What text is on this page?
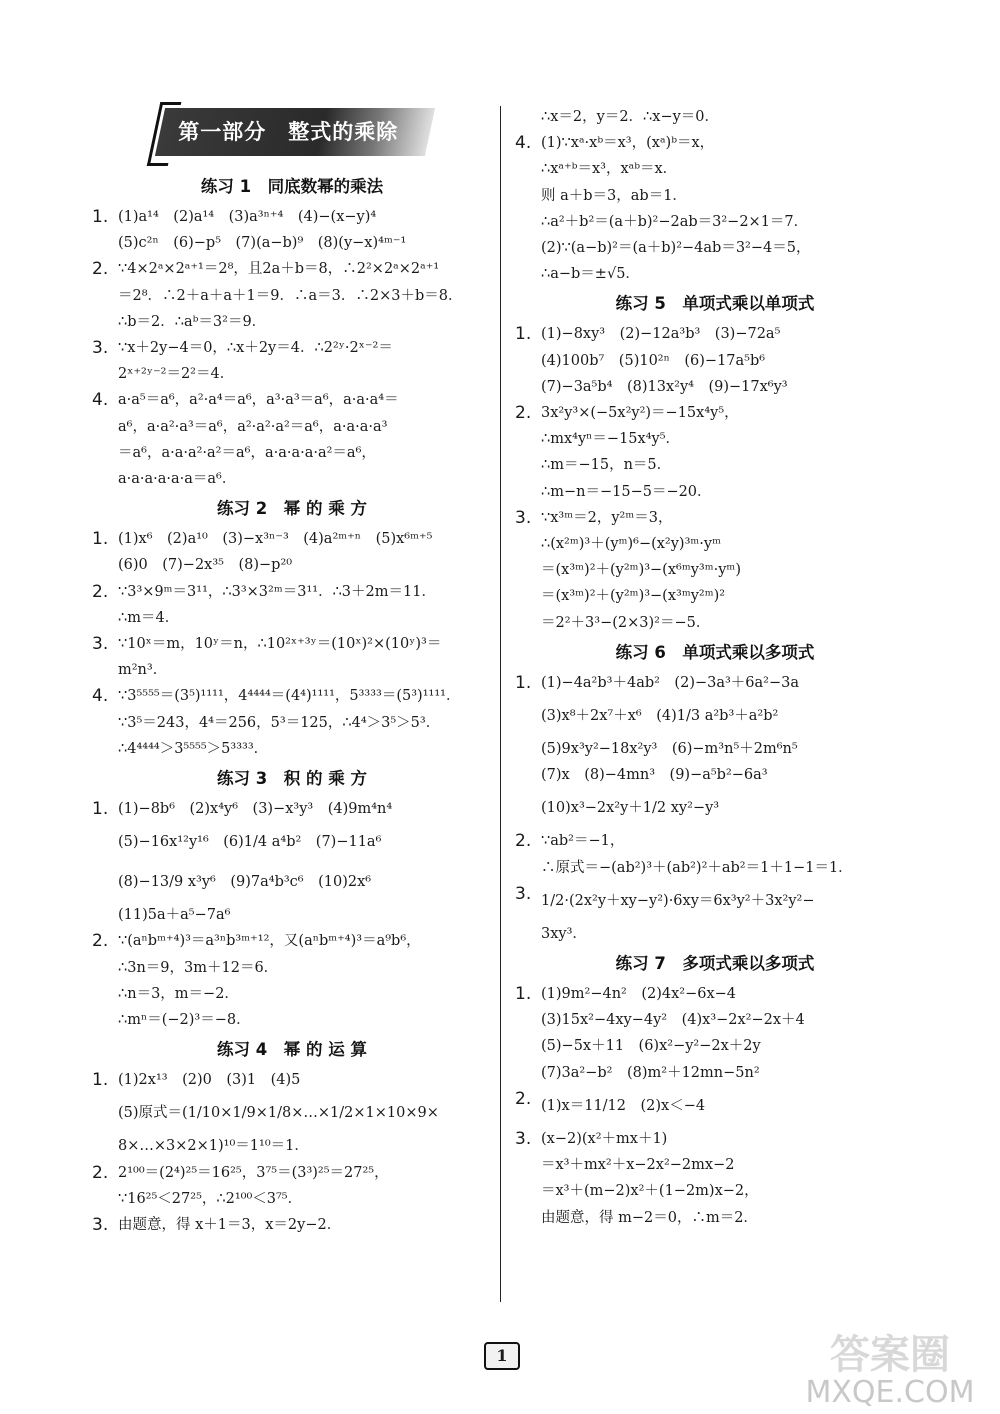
第一部分　整式的乘除
练习 1　同底数幂的乘法
1. (1)a¹⁴　(2)a¹⁴　(3)a³ⁿ⁺⁴　(4)−(x−y)⁴
(5)c²ⁿ　(6)−p⁵　(7)(a−b)⁹　(8)(y−x)⁴ᵐ⁻¹
2. ∵4×2ᵃ×2ᵃ⁺¹＝2⁸，且2a＋b＝8，∴2²×2ᵃ×2ᵃ⁺¹
＝2⁸．∴2＋a＋a＋1＝9．∴a＝3．∴2×3＋b＝8．
∴b＝2．∴aᵇ＝3²＝9．
3. ∵x＋2y−4＝0，∴x＋2y＝4．∴2²ʸ·2ˣ⁻²＝
2ˣ⁺²ʸ⁻²＝2²＝4．
4. a·a⁵＝a⁶，a²·a⁴＝a⁶，a³·a³＝a⁶，a·a·a⁴＝
a⁶，a·a²·a³＝a⁶，a²·a²·a²＝a⁶，a·a·a·a³
＝a⁶，a·a·a²·a²＝a⁶，a·a·a·a·a²＝a⁶，
a·a·a·a·a·a＝a⁶．
练习 2　幂 的 乘 方
1. (1)x⁶　(2)a¹⁰　(3)−x³ⁿ⁻³　(4)a²ᵐ⁺ⁿ　(5)x⁶ᵐ⁺⁵
(6)0　(7)−2x³⁵　(8)−p²⁰
2. ∵3³×9ᵐ＝3¹¹，∴3³×3²ᵐ＝3¹¹．∴3＋2m＝11．
∴m＝4．
3. ∵10ˣ＝m，10ʸ＝n，∴10²ˣ⁺³ʸ＝(10ˣ)²×(10ʸ)³＝
m²n³．
4. ∵3⁵⁵⁵⁵＝(3⁵)¹¹¹¹，4⁴⁴⁴⁴＝(4⁴)¹¹¹¹，5³³³³＝(5³)¹¹¹¹．
∵3⁵＝243，4⁴＝256，5³＝125，∴4⁴＞3⁵＞5³．
∴4⁴⁴⁴⁴＞3⁵⁵⁵⁵＞5³³³³．
练习 3　积 的 乘 方
1. (1)−8b⁶　(2)x⁴y⁶　(3)−x³y³　(4)9m⁴n⁴
(5)−16x¹²y¹⁶　(6)1/4 a⁴b²　(7)−11a⁶
(8)−13/9 x³y⁶　(9)7a⁴b³c⁶　(10)2x⁶
(11)5a＋a⁵−7a⁶
2. ∵(aⁿbᵐ⁺⁴)³＝a³ⁿb³ᵐ⁺¹²，又(aⁿbᵐ⁺⁴)³＝a⁹b⁶，
∴3n＝9，3m＋12＝6．
∴n＝3，m＝−2．
∴mⁿ＝(−2)³＝−8．
练习 4　幂 的 运 算
1. (1)2x¹³　(2)0　(3)1　(4)5
(5)原式＝(1/10×1/9×1/8×…×1/2×1×10×9×
8×…×3×2×1)¹⁰＝1¹⁰＝1．
2. 2¹⁰⁰＝(2⁴)²⁵＝16²⁵，3⁷⁵＝(3³)²⁵＝27²⁵，
∵16²⁵＜27²⁵，∴2¹⁰⁰＜3⁷⁵．
3. 由题意，得 x＋1＝3，x＝2y−2．
∴x＝2，y＝2．∴x−y＝0．
4. (1)∵xᵃ·xᵇ＝x³，(xᵃ)ᵇ＝x，
∴xᵃ⁺ᵇ＝x³，xᵃᵇ＝x．
则 a＋b＝3，ab＝1．
∴a²＋b²＝(a＋b)²−2ab＝3²−2×1＝7．
(2)∵(a−b)²＝(a＋b)²−4ab＝3²−4＝5，
∴a−b＝±√5．
练习 5　单项式乘以单项式
1. (1)−8xy³　(2)−12a³b³　(3)−72a⁵
(4)100b⁷　(5)10²ⁿ　(6)−17a⁵b⁶
(7)−3a⁵b⁴　(8)13x²y⁴　(9)−17x⁶y³
2. 3x²y³×(−5x²y²)＝−15x⁴y⁵，
∴mx⁴yⁿ＝−15x⁴y⁵．
∴m＝−15，n＝5．
∴m−n＝−15−5＝−20．
3. ∵x³ᵐ＝2，y²ᵐ＝3，
∴(x²ᵐ)³＋(yᵐ)⁶−(x²y)³ᵐ·yᵐ
＝(x³ᵐ)²＋(y²ᵐ)³−(x⁶ᵐy³ᵐ·yᵐ)
＝(x³ᵐ)²＋(y²ᵐ)³−(x³ᵐy²ᵐ)²
＝2²＋3³−(2×3)²＝−5．
练习 6　单项式乘以多项式
1. (1)−4a²b³＋4ab²　(2)−3a³＋6a²−3a
(3)x⁸＋2x⁷＋x⁶　(4)1/3 a²b³＋a²b²
(5)9x³y²−18x²y³　(6)−m³n⁵＋2m⁶n⁵
(7)x　(8)−4mn³　(9)−a⁵b²−6a³
(10)x³−2x²y＋1/2 xy²−y³
2. ∵ab²＝−1，
∴原式＝−(ab²)³＋(ab²)²＋ab²＝1＋1−1＝1．
3. 1/2·(2x²y＋xy−y²)·6xy＝6x³y²＋3x²y²−
3xy³．
练习 7　多项式乘以多项式
1. (1)9m²−4n²　(2)4x²−6x−4
(3)15x²−4xy−4y²　(4)x³−2x²−2x＋4
(5)−5x＋11　(6)x²−y²−2x＋2y
(7)3a²−b²　(8)m²＋12mn−5n²
2. (1)x＝11/12　(2)x＜−4
3. (x−2)(x²＋mx＋1)
＝x³＋mx²＋x−2x²−2mx−2
＝x³＋(m−2)x²＋(1−2m)x−2，
由题意，得 m−2＝0，∴m＝2．
1	答案圈
MXQE.COM
